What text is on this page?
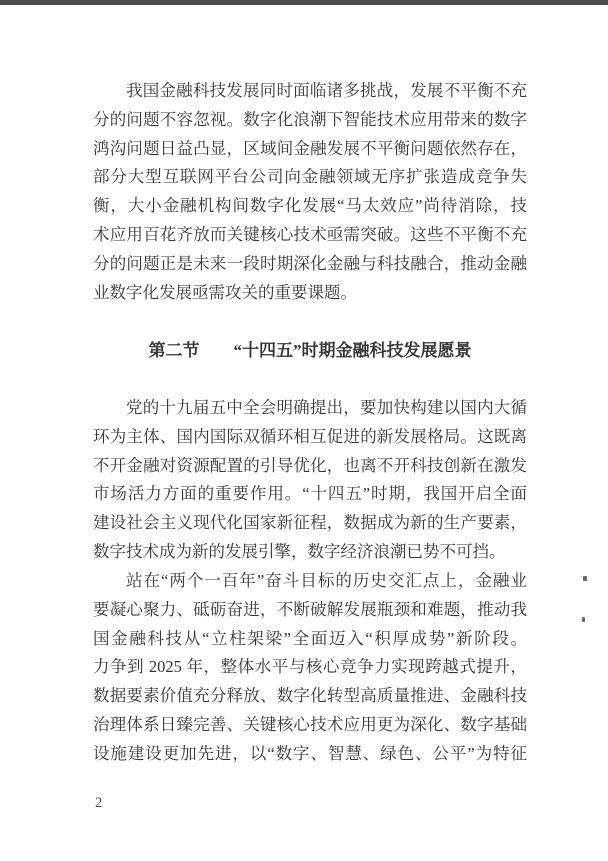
我国金融科技发展同时面临诸多挑战，发展不平衡不充
分的问题不容忽视。数字化浪潮下智能技术应用带来的数字
鸿沟问题日益凸显，区域间金融发展不平衡问题依然存在，
部分大型互联网平台公司向金融领域无序扩张造成竞争失
衡，大小金融机构间数字化发展“马太效应”尚待消除，技
术应用百花齐放而关键核心技术亟需突破。这些不平衡不充
分的问题正是未来一段时期深化金融与科技融合，推动金融
业数字化发展亟需攻关的重要课题。
第二节 “十四五”时期金融科技发展愿景
党的十九届五中全会明确提出，要加快构建以国内大循
环为主体、国内国际双循环相互促进的新发展格局。这既离
不开金融对资源配置的引导优化，也离不开科技创新在激发
市场活力方面的重要作用。“十四五”时期，我国开启全面
建设社会主义现代化国家新征程，数据成为新的生产要素，
数字技术成为新的发展引擎，数字经济浪潮已势不可挡。
站在“两个一百年”奋斗目标的历史交汇点上，金融业
要凝心聚力、砥砺奋进，不断破解发展瓶颈和难题，推动我
国金融科技从“立柱架梁”全面迈入“积厚成势”新阶段。
力争到 2025 年，整体水平与核心竞争力实现跨越式提升，
数据要素价值充分释放、数字化转型高质量推进、金融科技
治理体系日臻完善、关键核心技术应用更为深化、数字基础
设施建设更加先进，以“数字、智慧、绿色、公平”为特征
2
